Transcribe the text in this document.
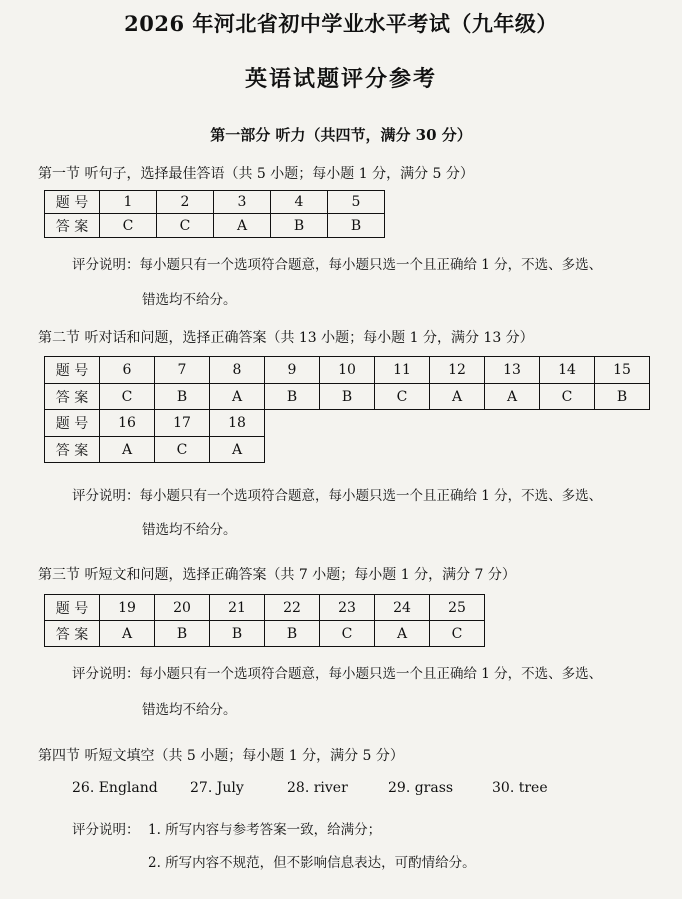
2026 年河北省初中学业水平考试（九年级）
英语试题评分参考
第一部分 听力（共四节，满分 30 分）
第一节 听句子，选择最佳答语（共 5 小题；每小题 1 分，满分 5 分）
题 号	1	2	3	4	5
答 案	C	C	A	B	B
评分说明：每小题只有一个选项符合题意，每小题只选一个且正确给 1 分，不选、多选、
错选均不给分。
第二节 听对话和问题，选择正确答案（共 13 小题；每小题 1 分，满分 13 分）
题 号	6	7	8	9	10	11	12	13	14	15
答 案	C	B	A	B	B	C	A	A	C	B
题 号	16	17	18
答 案	A	C	A
评分说明：每小题只有一个选项符合题意，每小题只选一个且正确给 1 分，不选、多选、
错选均不给分。
第三节 听短文和问题，选择正确答案（共 7 小题；每小题 1 分，满分 7 分）
题 号	19	20	21	22	23	24	25
答 案	A	B	B	B	C	A	C
评分说明：每小题只有一个选项符合题意，每小题只选一个且正确给 1 分，不选、多选、
错选均不给分。
第四节 听短文填空（共 5 小题；每小题 1 分，满分 5 分）
26. England 27. July	28. river	29. grass	30. tree
评分说明： 1. 所写内容与参考答案一致，给满分；
2. 所写内容不规范，但不影响信息表达，可酌情给分。
